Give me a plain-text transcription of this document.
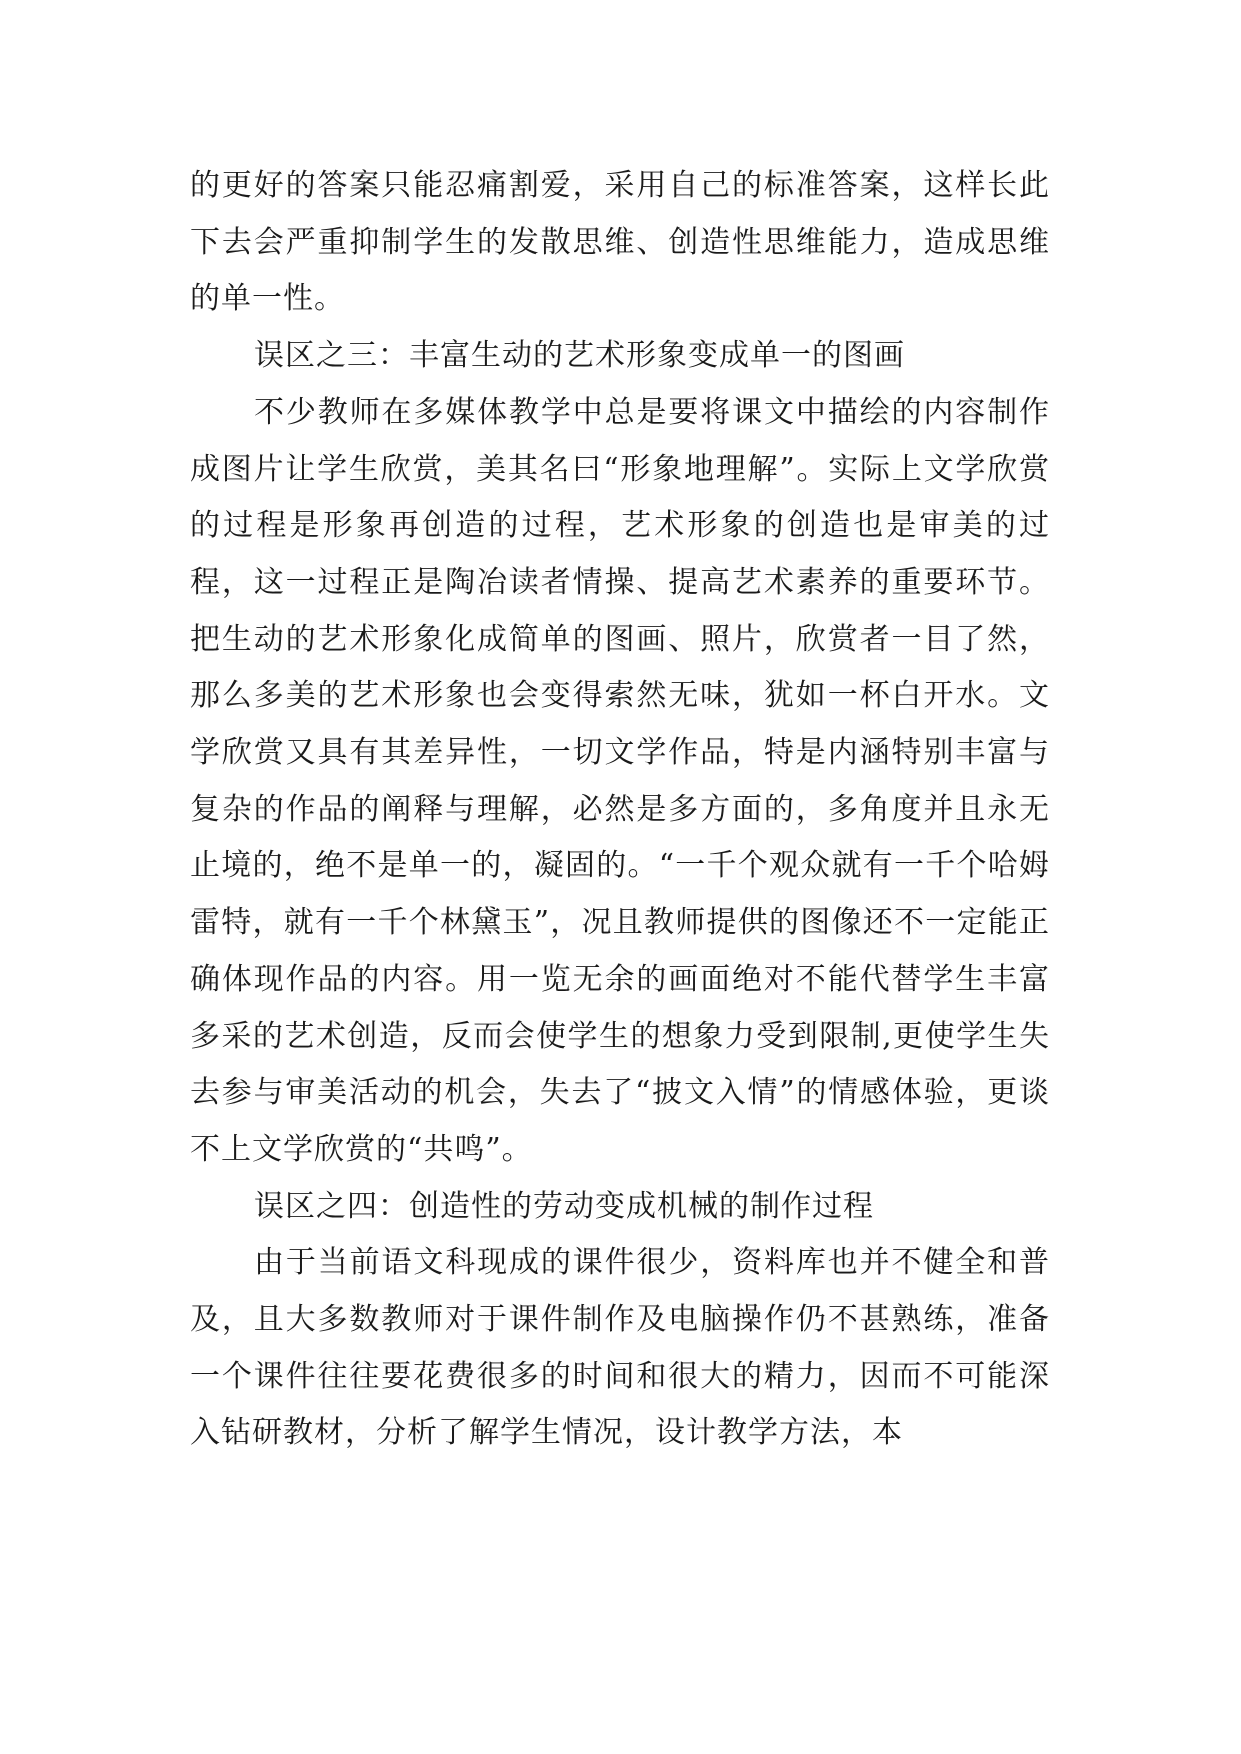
的更好的答案只能忍痛割爱，采用自己的标准答案，这样长此下去会严重抑制学生的发散思维、创造性思维能力，造成思维的单一性。

误区之三：丰富生动的艺术形象变成单一的图画

不少教师在多媒体教学中总是要将课文中描绘的内容制作成图片让学生欣赏，美其名曰“形象地理解”。实际上文学欣赏的过程是形象再创造的过程，艺术形象的创造也是审美的过程，这一过程正是陶冶读者情操、提高艺术素养的重要环节。把生动的艺术形象化成简单的图画、照片，欣赏者一目了然，那么多美的艺术形象也会变得索然无味，犹如一杯白开水。文学欣赏又具有其差异性，一切文学作品，特是内涵特别丰富与复杂的作品的阐释与理解，必然是多方面的，多角度并且永无止境的，绝不是单一的，凝固的。“一千个观众就有一千个哈姆雷特，就有一千个林黛玉”，况且教师提供的图像还不一定能正确体现作品的内容。用一览无余的画面绝对不能代替学生丰富多采的艺术创造，反而会使学生的想象力受到限制,更使学生失去参与审美活动的机会，失去了“披文入情”的情感体验，更谈不上文学欣赏的“共鸣”。

误区之四：创造性的劳动变成机械的制作过程

由于当前语文科现成的课件很少，资料库也并不健全和普及，且大多数教师对于课件制作及电脑操作仍不甚熟练，准备一个课件往往要花费很多的时间和很大的精力，因而不可能深入钻研教材，分析了解学生情况，设计教学方法，本
